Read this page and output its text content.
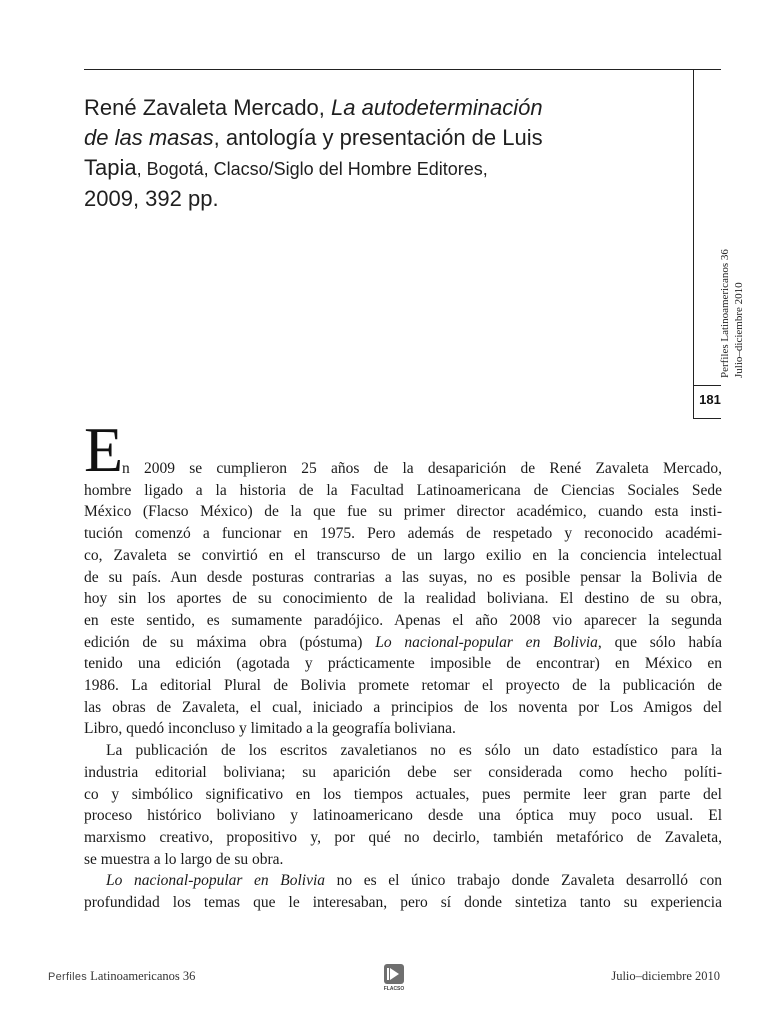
René Zavaleta Mercado, La autodeterminación
de las masas, antología y presentación de Luis
Tapia, Bogotá, Clacso/Siglo del Hombre Editores,
2009, 392 pp.
Perfiles Latinoamericanos 36 Julio–diciembre 2010
181
E
n 2009 se cumplieron 25 años de la desaparición de René Zavaleta Mercado,
hombre ligado a la historia de la Facultad Latinoamericana de Ciencias Sociales Sede
México (Flacso México) de la que fue su primer director académico, cuando esta insti-
tución comenzó a funcionar en 1975. Pero además de respetado y reconocido académi-
co, Zavaleta se convirtió en el transcurso de un largo exilio en la conciencia intelectual
de su país. Aun desde posturas contrarias a las suyas, no es posible pensar la Bolivia de
hoy sin los aportes de su conocimiento de la realidad boliviana. El destino de su obra,
en este sentido, es sumamente paradójico. Apenas el año 2008 vio aparecer la segunda
edición de su máxima obra (póstuma) Lo nacional-popular en Bolivia, que sólo había
tenido una edición (agotada y prácticamente imposible de encontrar) en México en
1986. La editorial Plural de Bolivia promete retomar el proyecto de la publicación de
las obras de Zavaleta, el cual, iniciado a principios de los noventa por Los Amigos del
Libro, quedó inconcluso y limitado a la geografía boliviana.
La publicación de los escritos zavaletianos no es sólo un dato estadístico para la
industria editorial boliviana; su aparición debe ser considerada como hecho políti-
co y simbólico significativo en los tiempos actuales, pues permite leer gran parte del
proceso histórico boliviano y latinoamericano desde una óptica muy poco usual. El
marxismo creativo, propositivo y, por qué no decirlo, también metafórico de Zavaleta,
se muestra a lo largo de su obra.
Lo nacional-popular en Bolivia no es el único trabajo donde Zavaleta desarrolló con
profundidad los temas que le interesaban, pero sí donde sintetiza tanto su experiencia
Perfiles Latinoamericanos 36
FLACSO
Julio–diciembre 2010
